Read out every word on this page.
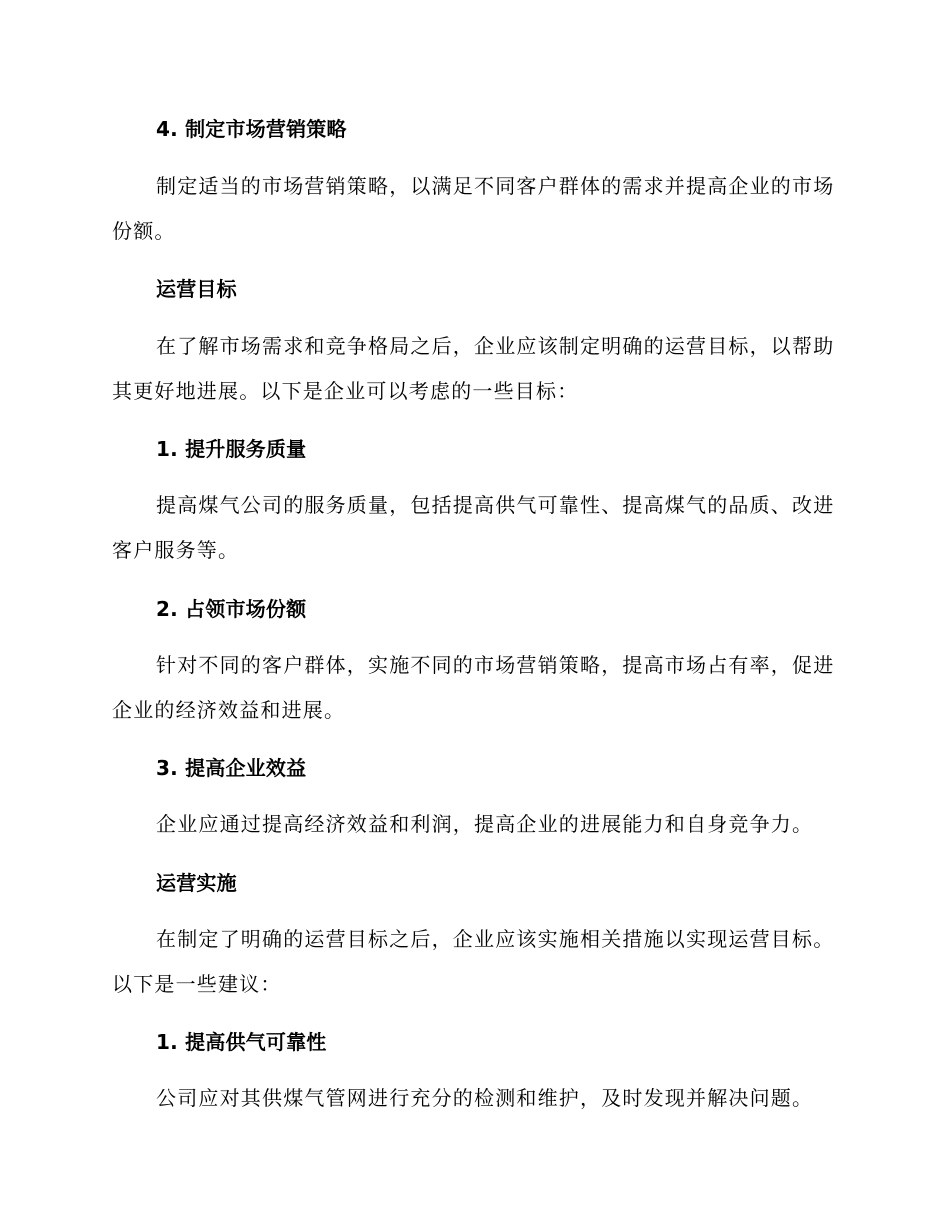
4. 制定市场营销策略

制定适当的市场营销策略，以满足不同客户群体的需求并提高企业的市场份额。

运营目标

在了解市场需求和竞争格局之后，企业应该制定明确的运营目标，以帮助其更好地进展。以下是企业可以考虑的一些目标：

1. 提升服务质量

提高煤气公司的服务质量，包括提高供气可靠性、提高煤气的品质、改进客户服务等。

2. 占领市场份额

针对不同的客户群体，实施不同的市场营销策略，提高市场占有率，促进企业的经济效益和进展。

3. 提高企业效益

企业应通过提高经济效益和利润，提高企业的进展能力和自身竞争力。

运营实施

在制定了明确的运营目标之后，企业应该实施相关措施以实现运营目标。以下是一些建议：

1. 提高供气可靠性

公司应对其供煤气管网进行充分的检测和维护，及时发现并解决问题。
